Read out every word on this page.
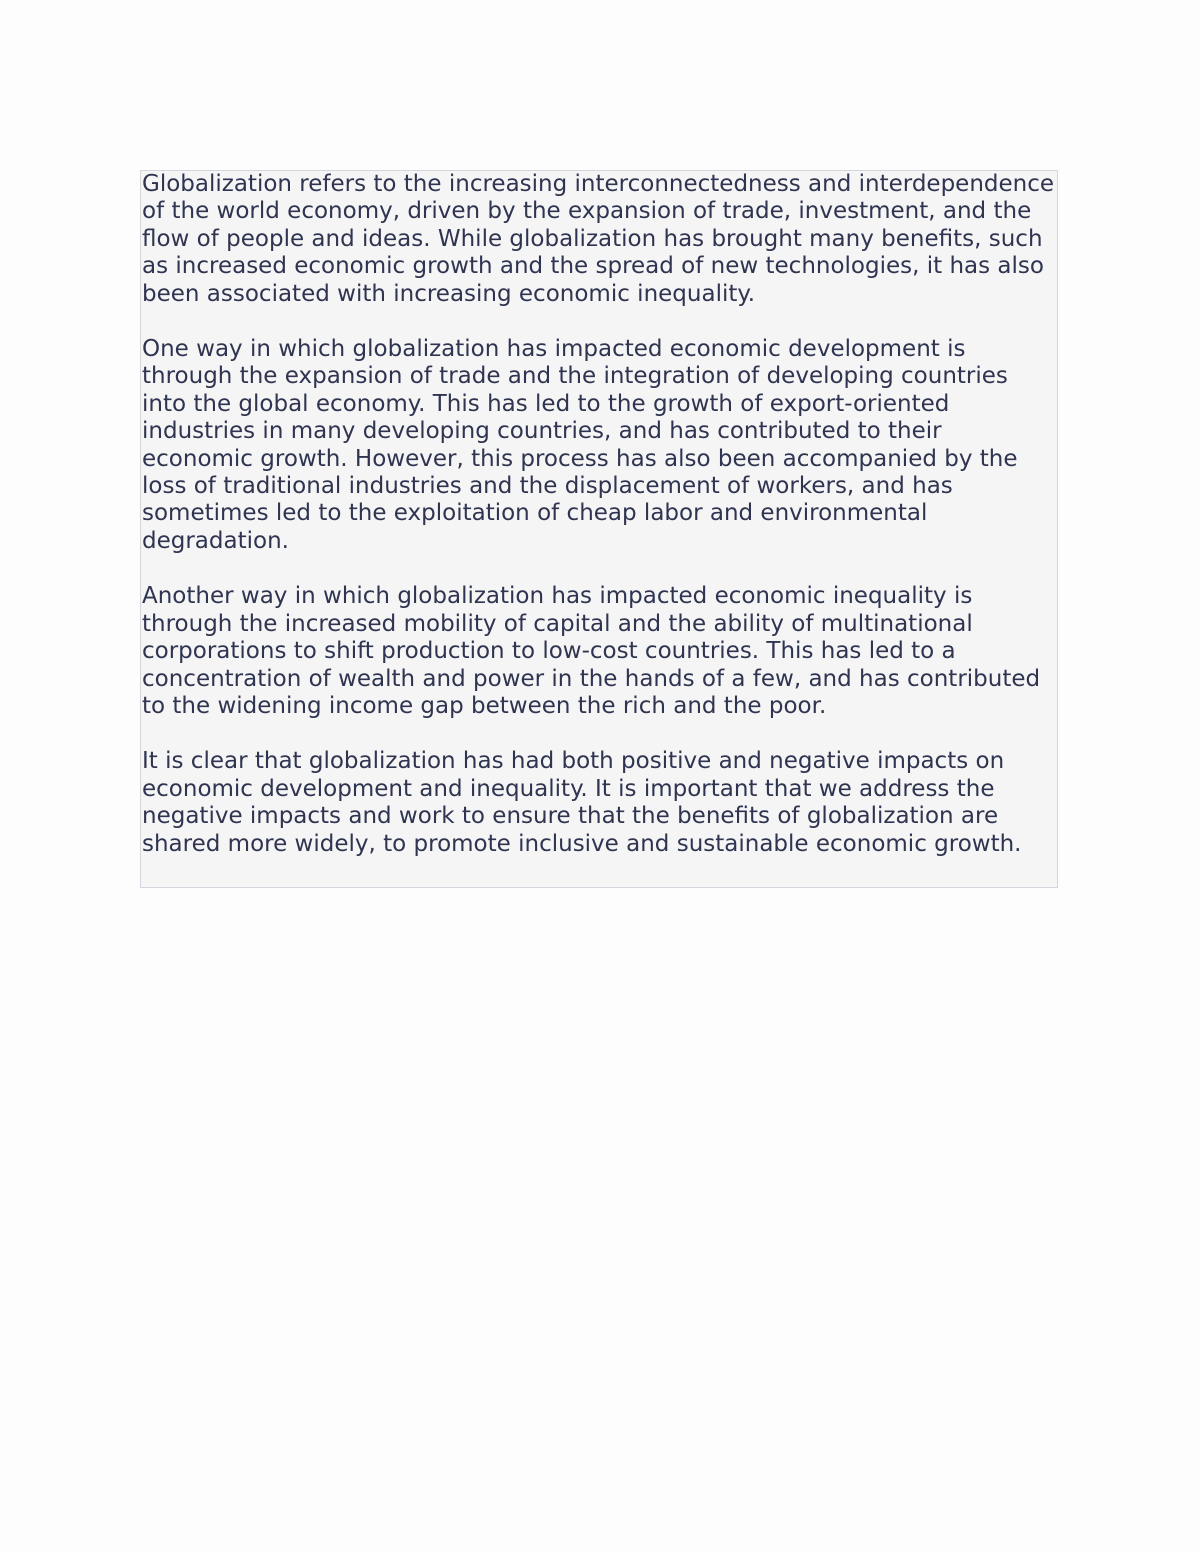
Globalization refers to the increasing interconnectedness and interdependence of the world economy, driven by the expansion of trade, investment, and the flow of people and ideas. While globalization has brought many benefits, such as increased economic growth and the spread of new technologies, it has also been associated with increasing economic inequality.

One way in which globalization has impacted economic development is through the expansion of trade and the integration of developing countries into the global economy. This has led to the growth of export-oriented industries in many developing countries, and has contributed to their economic growth. However, this process has also been accompanied by the loss of traditional industries and the displacement of workers, and has sometimes led to the exploitation of cheap labor and environmental degradation.

Another way in which globalization has impacted economic inequality is through the increased mobility of capital and the ability of multinational corporations to shift production to low-cost countries. This has led to a concentration of wealth and power in the hands of a few, and has contributed to the widening income gap between the rich and the poor.

It is clear that globalization has had both positive and negative impacts on economic development and inequality. It is important that we address the negative impacts and work to ensure that the benefits of globalization are shared more widely, to promote inclusive and sustainable economic growth.
